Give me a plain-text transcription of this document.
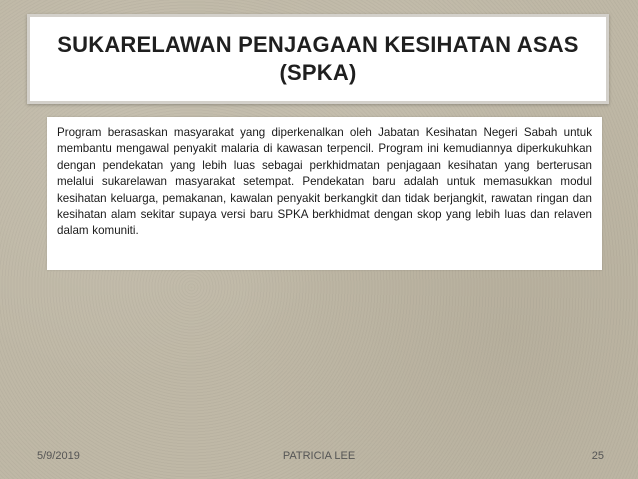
SUKARELAWAN PENJAGAAN KESIHATAN ASAS (SPKA)

Program berasaskan masyarakat yang diperkenalkan oleh Jabatan Kesihatan Negeri Sabah untuk membantu mengawal penyakit malaria di kawasan terpencil. Program ini kemudiannya diperkukuhkan dengan pendekatan yang lebih luas sebagai perkhidmatan penjagaan kesihatan yang berterusan melalui sukarelawan masyarakat setempat. Pendekatan baru adalah untuk memasukkan modul kesihatan keluarga, pemakanan, kawalan penyakit berkangkit dan tidak berjangkit, rawatan ringan dan kesihatan alam sekitar supaya versi baru SPKA berkhidmat dengan skop yang lebih luas dan relaven dalam komuniti.

PATRICIA LEE
5/9/2019	25
